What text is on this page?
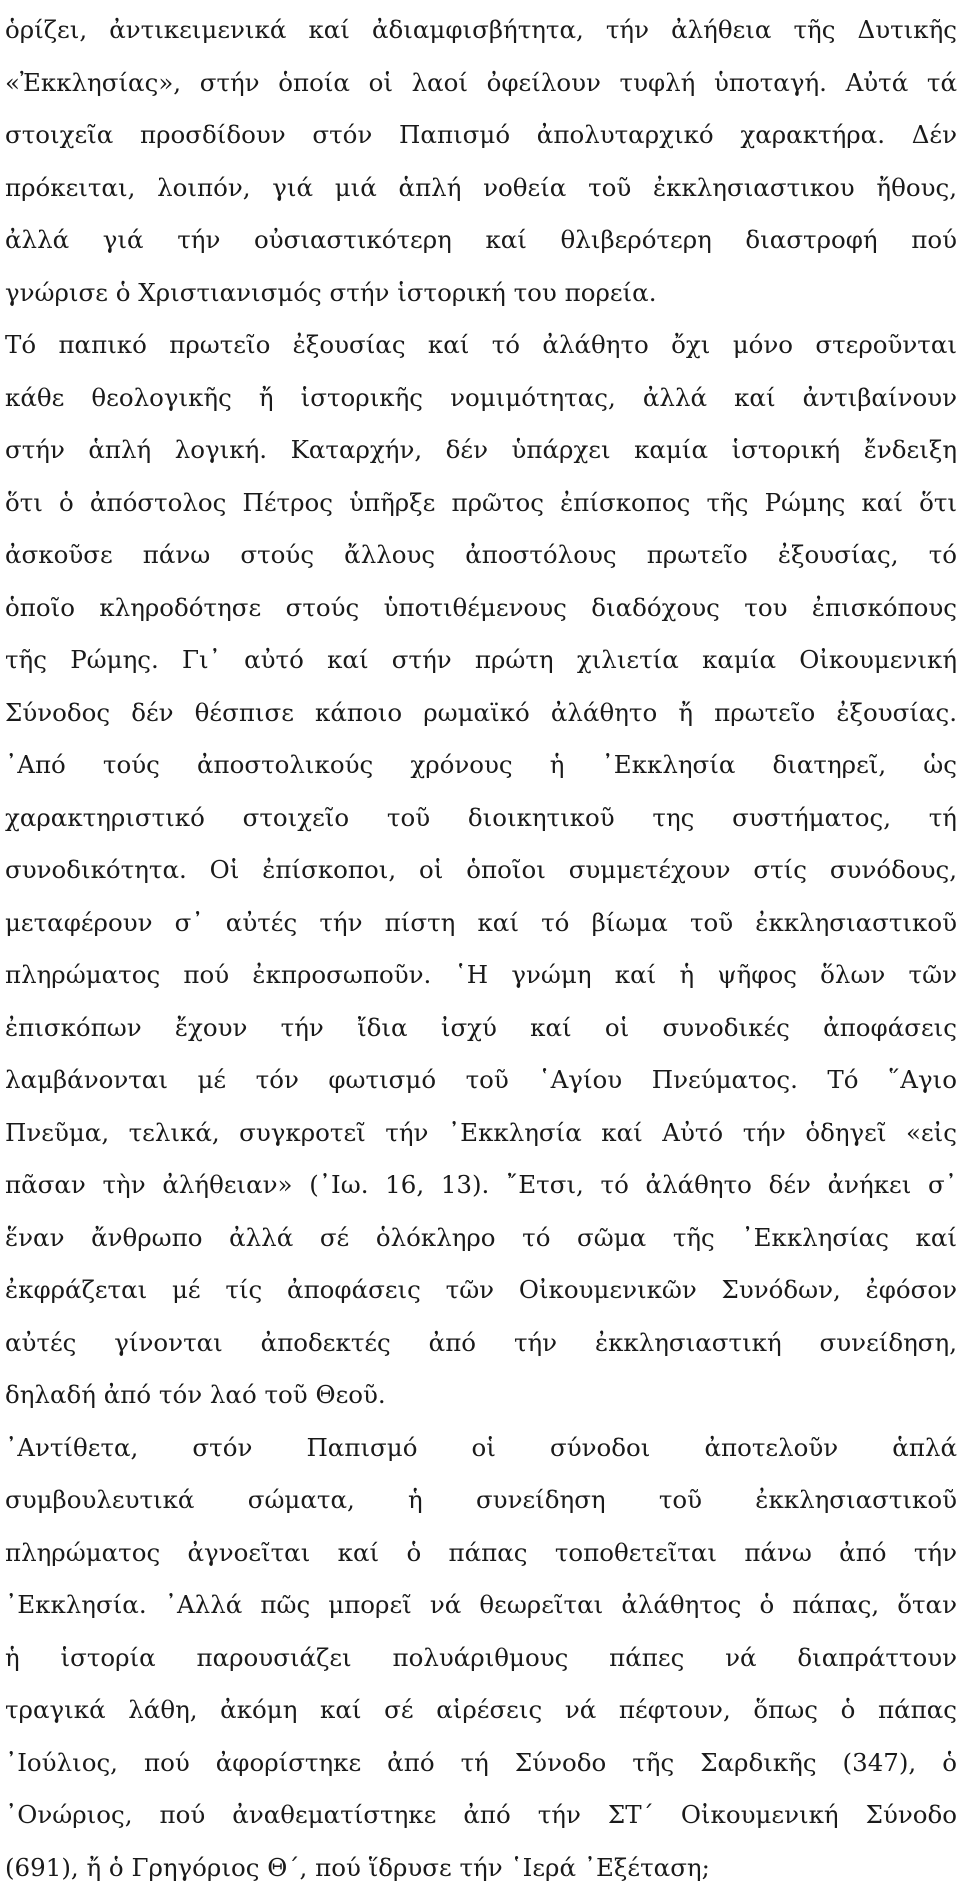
ὁρίζει, ἀντικειμενικά καί ἀδιαμφισβήτητα, τήν ἀλήθεια τῆς Δυτικῆς
«Ἐκκλησίας», στήν ὁποία οἱ λαοί ὀφείλουν τυφλή ὑποταγή. Αὐτά τά
στοιχεῖα προσδίδουν στόν Παπισμό ἀπολυταρχικό χαρακτήρα. Δέν
πρόκειται, λοιπόν, γιά μιά ἁπλή νοθεία τοῦ ἐκκλησιαστικου ἤθους,
ἀλλά γιά τήν οὐσιαστικότερη καί θλιβερότερη διαστροφή πού
γνώρισε ὁ Χριστιανισμός στήν ἱστορική του πορεία.
Τό παπικό πρωτεῖο ἐξουσίας καί τό ἀλάθητο ὄχι μόνο στεροῦνται
κάθε θεολογικῆς ἤ ἱστορικῆς νομιμότητας, ἀλλά καί ἀντιβαίνουν
στήν ἁπλή λογική. Καταρχήν, δέν ὑπάρχει καμία ἱστορική ἔνδειξη
ὅτι ὁ ἀπόστολος Πέτρος ὑπῆρξε πρῶτος ἐπίσκοπος τῆς Ρώμης καί ὅτι
ἀσκοῦσε πάνω στούς ἄλλους ἀποστόλους πρωτεῖο ἐξουσίας, τό
ὁποῖο κληροδότησε στούς ὑποτιθέμενους διαδόχους του ἐπισκόπους
τῆς Ρώμης. Γι᾽ αὐτό καί στήν πρώτη χιλιετία καμία Οἰκουμενική
Σύνοδος δέν θέσπισε κάποιο ρωμαϊκό ἀλάθητο ἤ πρωτεῖο ἐξουσίας.
᾽Από τούς ἀποστολικούς χρόνους ἡ ᾽Εκκλησία διατηρεῖ, ὡς
χαρακτηριστικό στοιχεῖο τοῦ διοικητικοῦ της συστήματος, τή
συνοδικότητα. Οἱ ἐπίσκοποι, οἱ ὁποῖοι συμμετέχουν στίς συνόδους,
μεταφέρουν σ᾽ αὐτές τήν πίστη καί τό βίωμα τοῦ ἐκκλησιαστικοῦ
πληρώματος πού ἐκπροσωποῦν. ῾Η γνώμη καί ἡ ψῆφος ὅλων τῶν
ἐπισκόπων ἔχουν τήν ἴδια ἰσχύ καί οἱ συνοδικές ἀποφάσεις
λαμβάνονται μέ τόν φωτισμό τοῦ ῾Αγίου Πνεύματος. Τό ῞Αγιο
Πνεῦμα, τελικά, συγκροτεῖ τήν ᾽Εκκλησία καί Αὐτό τήν ὁδηγεῖ «εἰς
πᾶσαν τὴν ἀλήθειαν» (᾽Ιω. 16, 13). ῎Ετσι, τό ἀλάθητο δέν ἀνήκει σ᾽
ἕναν ἄνθρωπο ἀλλά σέ ὁλόκληρο τό σῶμα τῆς ᾽Εκκλησίας καί
ἐκφράζεται μέ τίς ἀποφάσεις τῶν Οἰκουμενικῶν Συνόδων, ἐφόσον
αὐτές γίνονται ἀποδεκτές ἀπό τήν ἐκκλησιαστική συνείδηση,
δηλαδή ἀπό τόν λαό τοῦ Θεοῦ.
᾽Αντίθετα, στόν Παπισμό οἱ σύνοδοι ἀποτελοῦν ἁπλά
συμβουλευτικά σώματα, ἡ συνείδηση τοῦ ἐκκλησιαστικοῦ
πληρώματος ἀγνοεῖται καί ὁ πάπας τοποθετεῖται πάνω ἀπό τήν
᾽Εκκλησία. ᾽Αλλά πῶς μπορεῖ νά θεωρεῖται ἀλάθητος ὁ πάπας, ὅταν
ἡ ἱστορία παρουσιάζει πολυάριθμους πάπες νά διαπράττουν
τραγικά λάθη, ἀκόμη καί σέ αἱρέσεις νά πέφτουν, ὅπως ὁ πάπας
᾽Ιούλιος, πού ἀφορίστηκε ἀπό τή Σύνοδο τῆς Σαρδικῆς (347), ὁ
᾽Ονώριος, πού ἀναθεματίστηκε ἀπό τήν ΣΤ´ Οἰκουμενική Σύνοδο
(691), ἤ ὁ Γρηγόριος Θ´, πού ἵδρυσε τήν ῾Ιερά ᾽Εξέταση;
